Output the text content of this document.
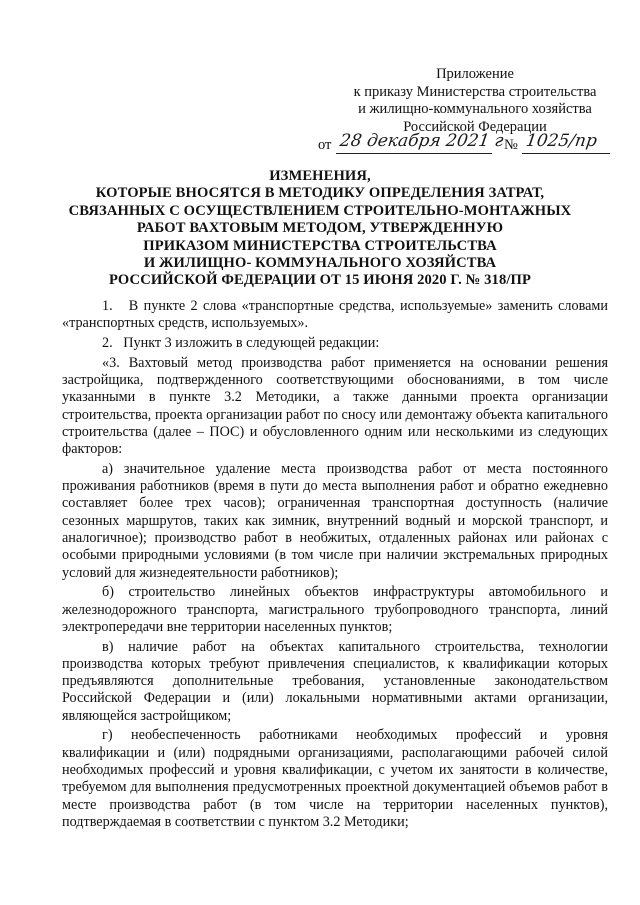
Приложение
к приказу Министерства строительства
и жилищно-коммунального хозяйства
Российской Федерации
от 28 декабря 2021 г № 1025/пр
ИЗМЕНЕНИЯ,
КОТОРЫЕ ВНОСЯТСЯ В МЕТОДИКУ ОПРЕДЕЛЕНИЯ ЗАТРАТ,
СВЯЗАННЫХ С ОСУЩЕСТВЛЕНИЕМ СТРОИТЕЛЬНО-МОНТАЖНЫХ
РАБОТ ВАХТОВЫМ МЕТОДОМ, УТВЕРЖДЕННУЮ
ПРИКАЗОМ МИНИСТЕРСТВА СТРОИТЕЛЬСТВА
И ЖИЛИЩНО- КОММУНАЛЬНОГО ХОЗЯЙСТВА
РОССИЙСКОЙ ФЕДЕРАЦИИ ОТ 15 ИЮНЯ 2020 Г. № 318/ПР

1.   В пункте 2 слова «транспортные средства, используемые» заменить словами «транспортных средств, используемых».

2.   Пункт 3 изложить в следующей редакции:

«3. Вахтовый метод производства работ применяется на основании решения застройщика, подтвержденного соответствующими обоснованиями, в том числе указанными в пункте 3.2 Методики, а также данными проекта организации строительства, проекта организации работ по сносу или демонтажу объекта капитального строительства (далее – ПОС) и обусловленного одним или несколькими из следующих факторов:

а) значительное удаление места производства работ от места постоянного проживания работников (время в пути до места выполнения работ и обратно ежедневно составляет более трех часов); ограниченная транспортная доступность (наличие сезонных маршрутов, таких как зимник, внутренний водный и морской транспорт, и аналогичное); производство работ в необжитых, отдаленных районах или районах с особыми природными условиями (в том числе при наличии экстремальных природных условий для жизнедеятельности работников);

б) строительство линейных объектов инфраструктуры автомобильного и железнодорожного транспорта, магистрального трубопроводного транспорта, линий электропередачи вне территории населенных пунктов;

в) наличие работ на объектах капитального строительства, технологии производства которых требуют привлечения специалистов, к квалификации которых предъявляются дополнительные требования, установленные законодательством Российской Федерации и (или) локальными нормативными актами организации, являющейся застройщиком;

г) необеспеченность работниками необходимых профессий и уровня квалификации и (или) подрядными организациями, располагающими рабочей силой необходимых профессий и уровня квалификации, с учетом их занятости в количестве, требуемом для выполнения предусмотренных проектной документацией объемов работ в месте производства работ (в том числе на территории населенных пунктов), подтверждаемая в соответствии с пунктом 3.2 Методики;
